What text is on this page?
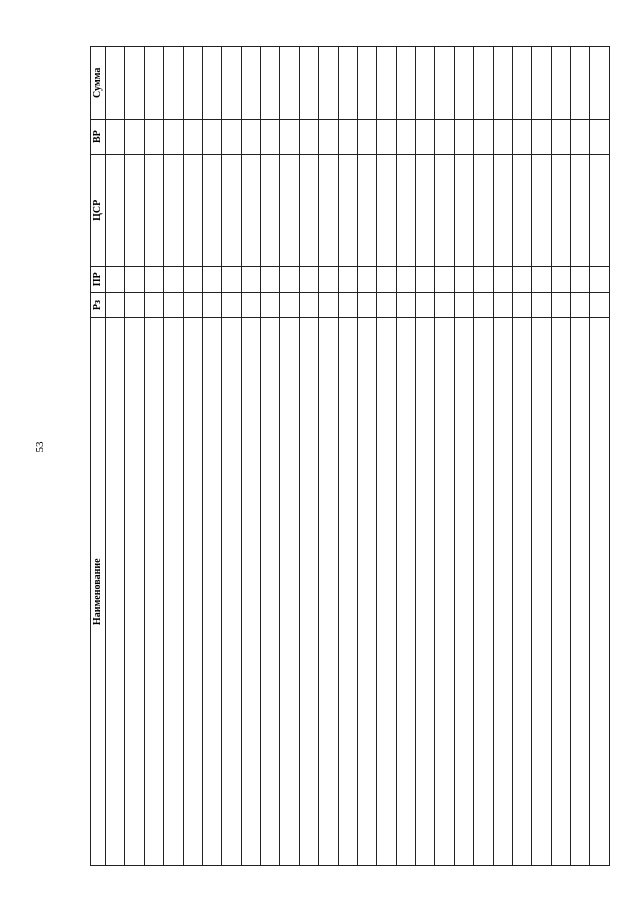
53
Наименование	Рз	ПР	ЦСР	ВР	Сумма
